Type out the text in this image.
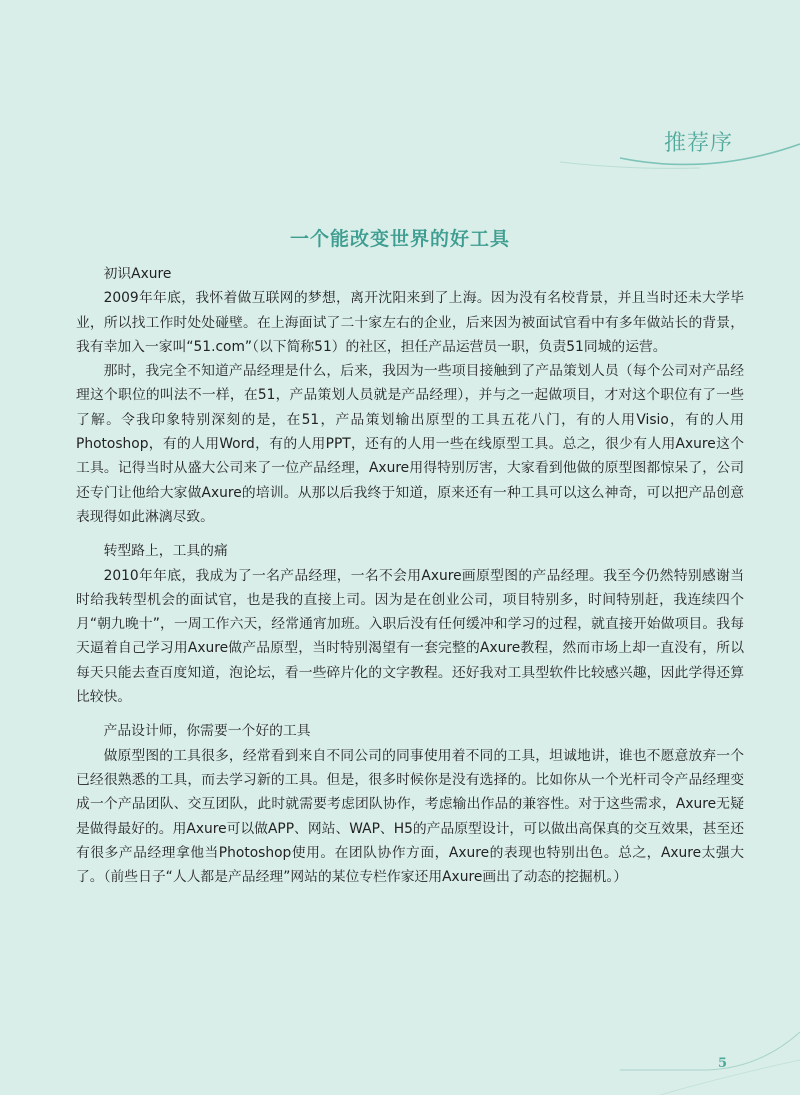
推荐序
一个能改变世界的好工具
初识Axure

2009年年底，我怀着做互联网的梦想，离开沈阳来到了上海。因为没有名校背景，并且当时还未大学毕业，所以找工作时处处碰壁。在上海面试了二十家左右的企业，后来因为被面试官看中有多年做站长的背景，我有幸加入一家叫“51.com”（以下简称51）的社区，担任产品运营员一职，负责51同城的运营。

那时，我完全不知道产品经理是什么，后来，我因为一些项目接触到了产品策划人员（每个公司对产品经理这个职位的叫法不一样，在51，产品策划人员就是产品经理），并与之一起做项目，才对这个职位有了一些了解。令我印象特别深刻的是，在51，产品策划输出原型的工具五花八门，有的人用Visio，有的人用Photoshop，有的人用Word，有的人用PPT，还有的人用一些在线原型工具。总之，很少有人用Axure这个工具。记得当时从盛大公司来了一位产品经理，Axure用得特别厉害，大家看到他做的原型图都惊呆了，公司还专门让他给大家做Axure的培训。从那以后我终于知道，原来还有一种工具可以这么神奇，可以把产品创意表现得如此淋漓尽致。

转型路上，工具的痛

2010年年底，我成为了一名产品经理，一名不会用Axure画原型图的产品经理。我至今仍然特别感谢当时给我转型机会的面试官，也是我的直接上司。因为是在创业公司，项目特别多，时间特别赶，我连续四个月“朝九晚十”，一周工作六天，经常通宵加班。入职后没有任何缓冲和学习的过程，就直接开始做项目。我每天逼着自己学习用Axure做产品原型，当时特别渴望有一套完整的Axure教程，然而市场上却一直没有，所以每天只能去查百度知道，泡论坛，看一些碎片化的文字教程。还好我对工具型软件比较感兴趣，因此学得还算比较快。

产品设计师，你需要一个好的工具

做原型图的工具很多，经常看到来自不同公司的同事使用着不同的工具，坦诚地讲，谁也不愿意放弃一个已经很熟悉的工具，而去学习新的工具。但是，很多时候你是没有选择的。比如你从一个光杆司令产品经理变成一个产品团队、交互团队，此时就需要考虑团队协作，考虑输出作品的兼容性。对于这些需求，Axure无疑是做得最好的。用Axure可以做APP、网站、WAP、H5的产品原型设计，可以做出高保真的交互效果，甚至还有很多产品经理拿他当Photoshop使用。在团队协作方面，Axure的表现也特别出色。总之，Axure太强大了。（前些日子“人人都是产品经理”网站的某位专栏作家还用Axure画出了动态的挖掘机。）

5
